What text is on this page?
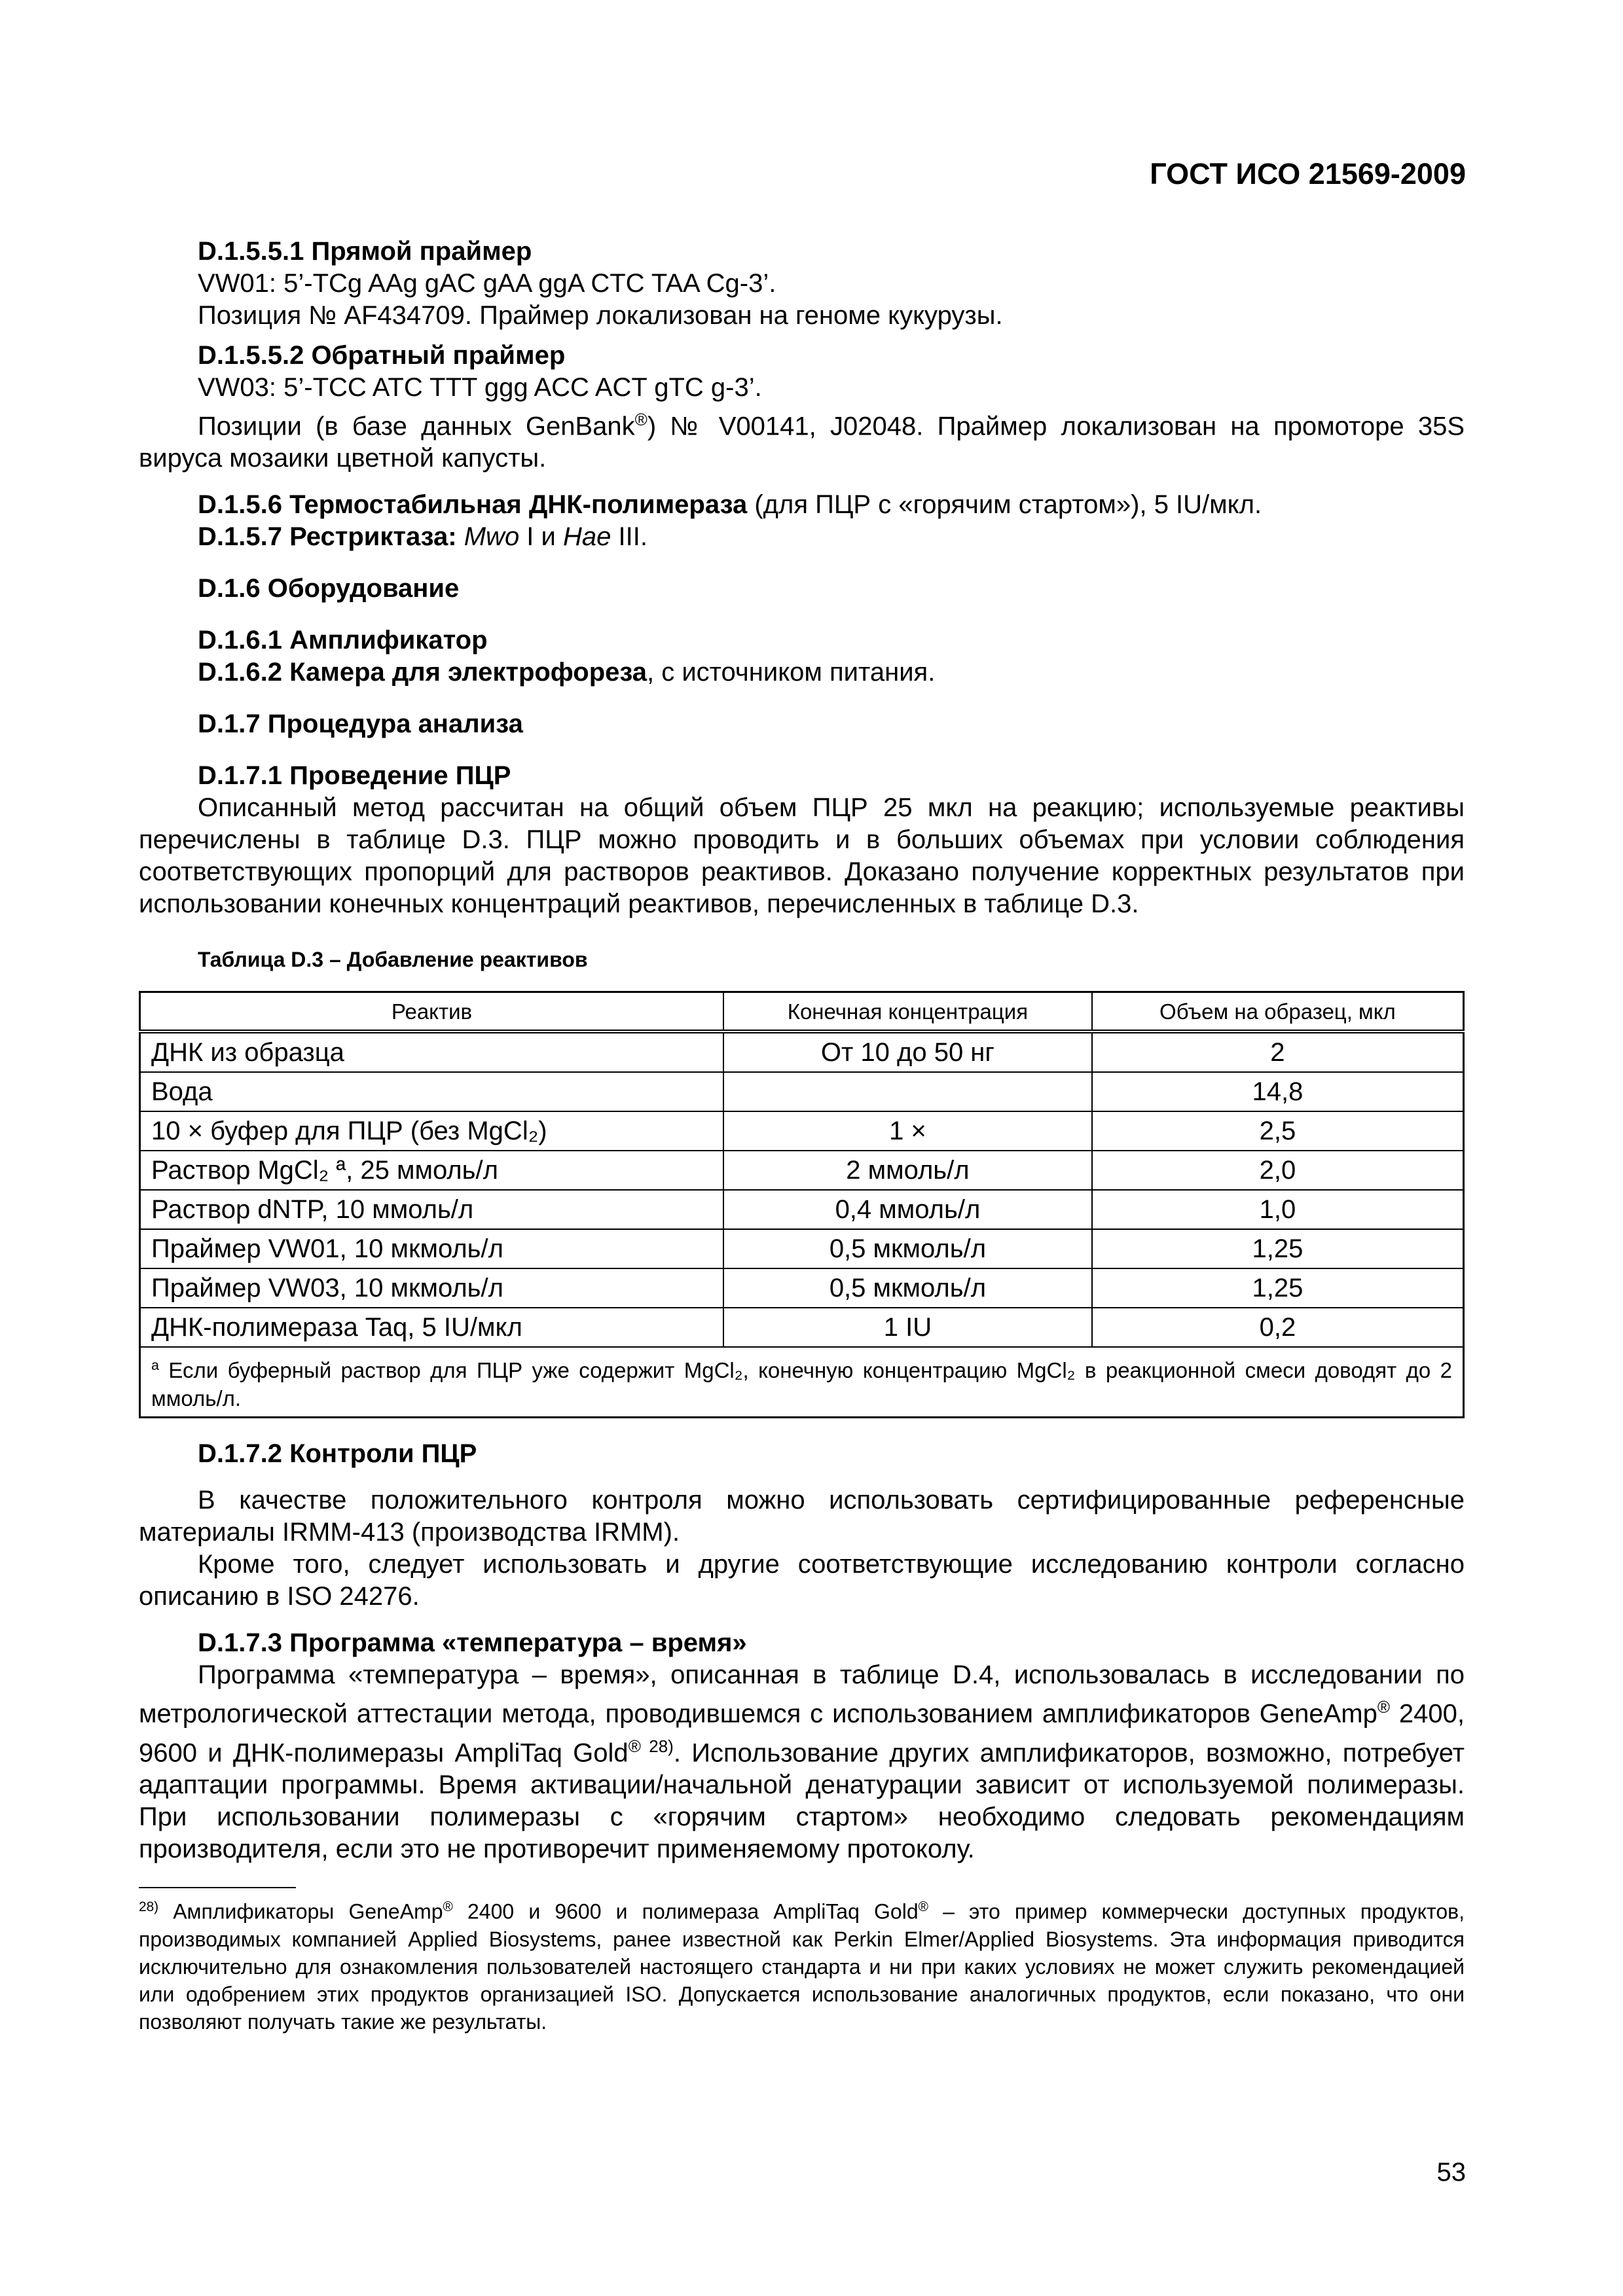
ГОСТ ИСО 21569-2009
D.1.5.5.1 Прямой праймер

VW01: 5’-TCg AAg gAC gAA ggA CTC TAA Cg-3’.

Позиция № AF434709. Праймер локализован на геноме кукурузы.

D.1.5.5.2 Обратный праймер

VW03: 5’-TCC ATC TTT ggg ACC ACT gTC g-3’.

Позиции (в базе данных GenBank®) № V00141, J02048. Праймер локализован на промоторе 35S вируса мозаики цветной капусты.

D.1.5.6 Термостабильная ДНК-полимераза (для ПЦР с «горячим стартом»), 5 IU/мкл.

D.1.5.7 Рестриктаза: Mwo I и Hae III.

D.1.6 Оборудование
D.1.6.1 Амплификатор

D.1.6.2 Камера для электрофореза, с источником питания.

D.1.7 Процедура анализа
D.1.7.1 Проведение ПЦР

Описанный метод рассчитан на общий объем ПЦР 25 мкл на реакцию; используемые реактивы перечислены в таблице D.3. ПЦР можно проводить и в больших объемах при условии соблюдения соответствующих пропорций для растворов реактивов. Доказано получение корректных результатов при использовании конечных концентраций реактивов, перечисленных в таблице D.3.

Таблица D.3 – Добавление реактивов
Реактив	Конечная концентрация	Объем на образец, мкл
ДНК из образца	От 10 до 50 нг	2
Вода		14,8
10 × буфер для ПЦР (без MgCl₂)	1 ×	2,5
Раствор MgCl₂ ª, 25 ммоль/л	2 ммоль/л	2,0
Раствор dNTP, 10 ммоль/л	0,4 ммоль/л	1,0
Праймер VW01, 10 мкмоль/л	0,5 мкмоль/л	1,25
Праймер VW03, 10 мкмоль/л	0,5 мкмоль/л	1,25
ДНК-полимераза Taq, 5 IU/мкл	1 IU	0,2
$^a$ Если буферный раствор для ПЦР уже содержит MgCl₂, конечную концентрацию MgCl₂ в реакционной смеси доводят до 2 ммоль/л.		
D.1.7.2 Контроли ПЦР

В качестве положительного контроля можно использовать сертифицированные референсные материалы IRMM-413 (производства IRMM).

Кроме того, следует использовать и другие соответствующие исследованию контроли согласно описанию в ISO 24276.

D.1.7.3 Программа «температура – время»

Программа «температура – время», описанная в таблице D.4, использовалась в исследовании по метрологической аттестации метода, проводившемся с использованием амплификаторов GeneAmp® 2400, 9600 и ДНК-полимеразы AmpliTaq Gold$^{® 28)}$. Использование других амплификаторов, возможно, потребует адаптации программы. Время активации/начальной денатурации зависит от используемой полимеразы. При использовании полимеразы с «горячим стартом» необходимо следовать рекомендациям производителя, если это не противоречит применяемому протоколу.

$^{28)}$ Амплификаторы GeneAmp® 2400 и 9600 и полимераза AmpliTaq Gold® – это пример коммерчески доступных продуктов, производимых компанией Applied Biosystems, ранее известной как Perkin Elmer/Applied Biosystems. Эта информация приводится исключительно для ознакомления пользователей настоящего стандарта и ни при каких условиях не может служить рекомендацией или одобрением этих продуктов организацией ISO. Допускается использование аналогичных продуктов, если показано, что они позволяют получать такие же результаты.
53
